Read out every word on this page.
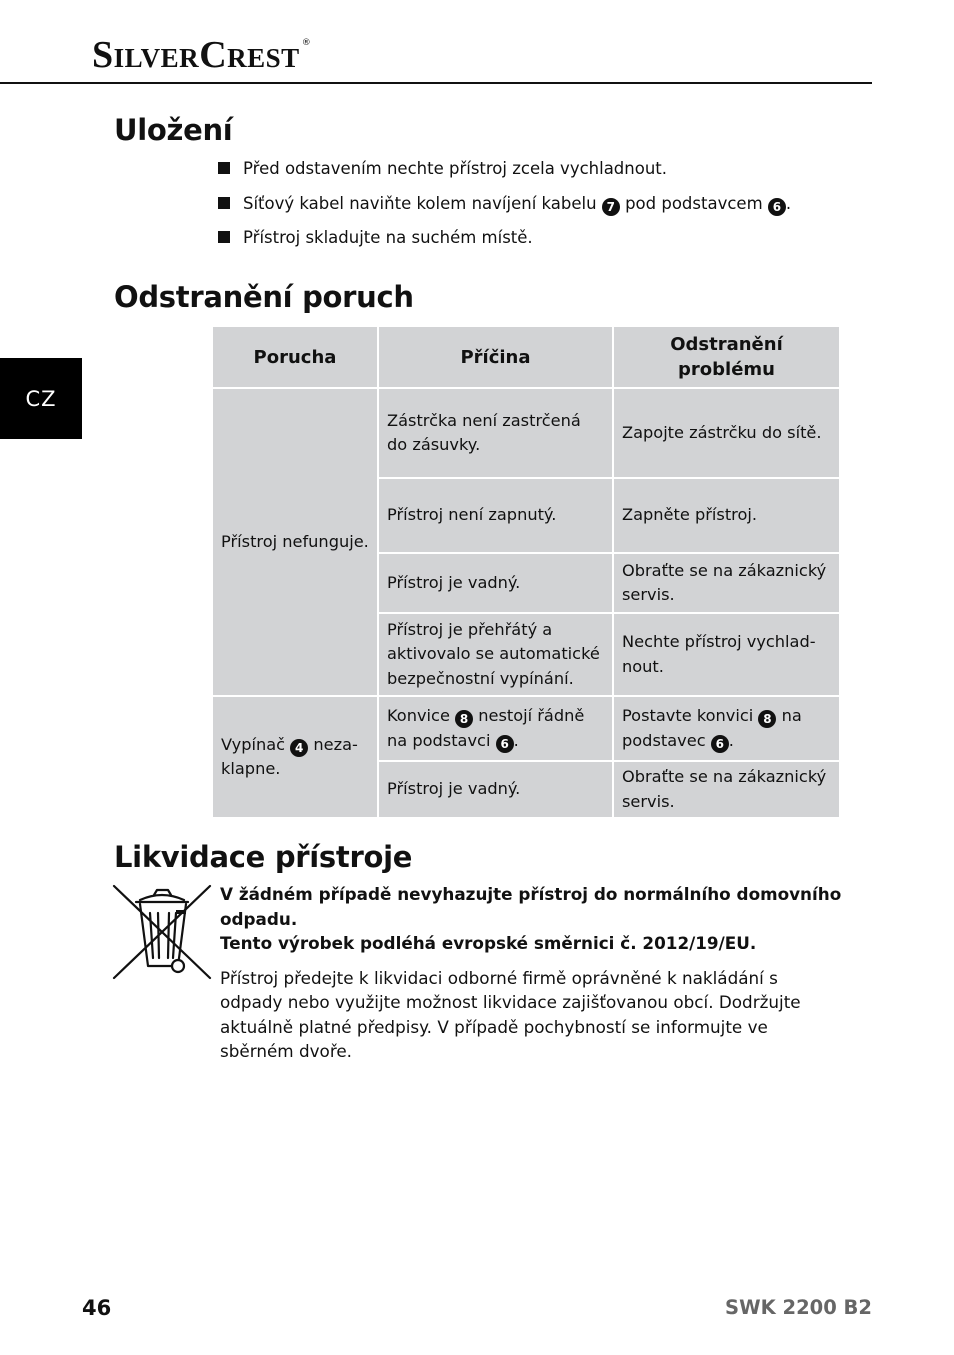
SILVERCREST ®
CZ
Uložení
Před odstavením nechte přístroj zcela vychladnout.
Síťový kabel naviňte kolem navíjení kabelu 7 pod podstavcem 6 .
Přístroj skladujte na suchém místě.
Odstranění poruch
Porucha	Příčina	Odstranění problému
Přístroj nefunguje.	Zástrčka není zastrčená do zásuvky.	Zapojte zástrčku do sítě.
	Přístroj není zapnutý.	Zapněte přístroj.
	Přístroj je vadný.	Obraťte se na zákaznický servis.
	Přístroj je přehřátý a aktivovalo se automatické bezpečnostní vypínání.	Nechte přístroj vychlad-nout.
Vypínač 4 neza-klapne.	Konvice 8 nestojí řádně na podstavci 6 .	Postavte konvici 8 na podstavec 6 .
	Přístroj je vadný.	Obraťte se na zákaznický servis.
Likvidace přístroje

V žádném případě nevyhazujte přístroj do normálního domovního odpadu.

Tento výrobek podléhá evropské směrnici č. 2012/19/EU.

Přístroj předejte k likvidaci odborné firmě oprávněné k nakládání s odpady nebo využijte možnost likvidace zajišťovanou obcí. Dodržujte aktuálně platné předpisy. V případě pochybností se informujte ve sběrném dvoře.

46	SWK 2200 B2
